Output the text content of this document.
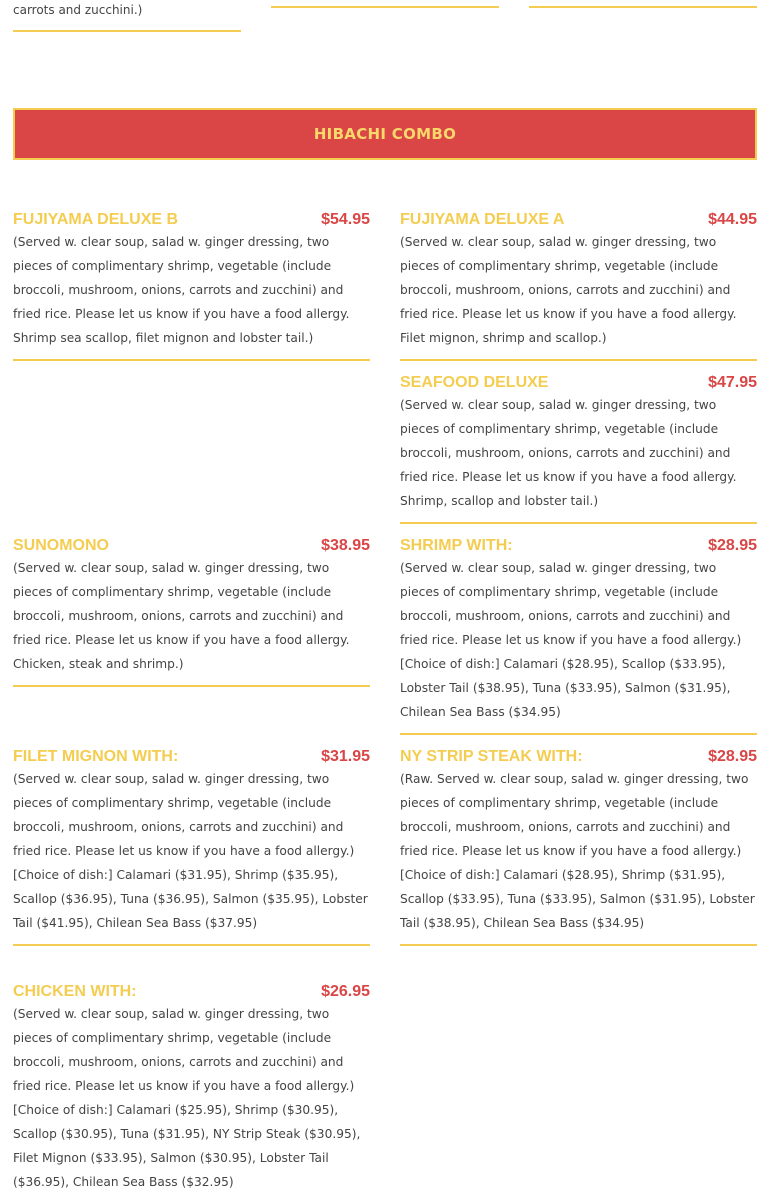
carrots and zucchini.)

HIBACHI COMBO
FUJIYAMA DELUXE B	$54.95

(Served w. clear soup, salad w. ginger dressing, two pieces of complimentary shrimp, vegetable (include broccoli, mushroom, onions, carrots and zucchini) and fried rice. Please let us know if you have a food allergy. Shrimp sea scallop, filet mignon and lobster tail.)

FUJIYAMA DELUXE A	$44.95

(Served w. clear soup, salad w. ginger dressing, two pieces of complimentary shrimp, vegetable (include broccoli, mushroom, onions, carrots and zucchini) and fried rice. Please let us know if you have a food allergy. Filet mignon, shrimp and scallop.)

SEAFOOD DELUXE	$47.95

(Served w. clear soup, salad w. ginger dressing, two pieces of complimentary shrimp, vegetable (include broccoli, mushroom, onions, carrots and zucchini) and fried rice. Please let us know if you have a food allergy. Shrimp, scallop and lobster tail.)

SUNOMONO	$38.95

(Served w. clear soup, salad w. ginger dressing, two pieces of complimentary shrimp, vegetable (include broccoli, mushroom, onions, carrots and zucchini) and fried rice. Please let us know if you have a food allergy. Chicken, steak and shrimp.)

SHRIMP WITH:	$28.95

(Served w. clear soup, salad w. ginger dressing, two pieces of complimentary shrimp, vegetable (include broccoli, mushroom, onions, carrots and zucchini) and fried rice. Please let us know if you have a food allergy.) [Choice of dish:] Calamari ($28.95), Scallop ($33.95), Lobster Tail ($38.95), Tuna ($33.95), Salmon ($31.95), Chilean Sea Bass ($34.95)

FILET MIGNON WITH:	$31.95

(Served w. clear soup, salad w. ginger dressing, two pieces of complimentary shrimp, vegetable (include broccoli, mushroom, onions, carrots and zucchini) and fried rice. Please let us know if you have a food allergy.) [Choice of dish:] Calamari ($31.95), Shrimp ($35.95), Scallop ($36.95), Tuna ($36.95), Salmon ($35.95), Lobster Tail ($41.95), Chilean Sea Bass ($37.95)

NY STRIP STEAK WITH:	$28.95

(Raw. Served w. clear soup, salad w. ginger dressing, two pieces of complimentary shrimp, vegetable (include broccoli, mushroom, onions, carrots and zucchini) and fried rice. Please let us know if you have a food allergy.) [Choice of dish:] Calamari ($28.95), Shrimp ($31.95), Scallop ($33.95), Tuna ($33.95), Salmon ($31.95), Lobster Tail ($38.95), Chilean Sea Bass ($34.95)

CHICKEN WITH:	$26.95

(Served w. clear soup, salad w. ginger dressing, two pieces of complimentary shrimp, vegetable (include broccoli, mushroom, onions, carrots and zucchini) and fried rice. Please let us know if you have a food allergy.) [Choice of dish:] Calamari ($25.95), Shrimp ($30.95), Scallop ($30.95), Tuna ($31.95), NY Strip Steak ($30.95), Filet Mignon ($33.95), Salmon ($30.95), Lobster Tail ($36.95), Chilean Sea Bass ($32.95)
